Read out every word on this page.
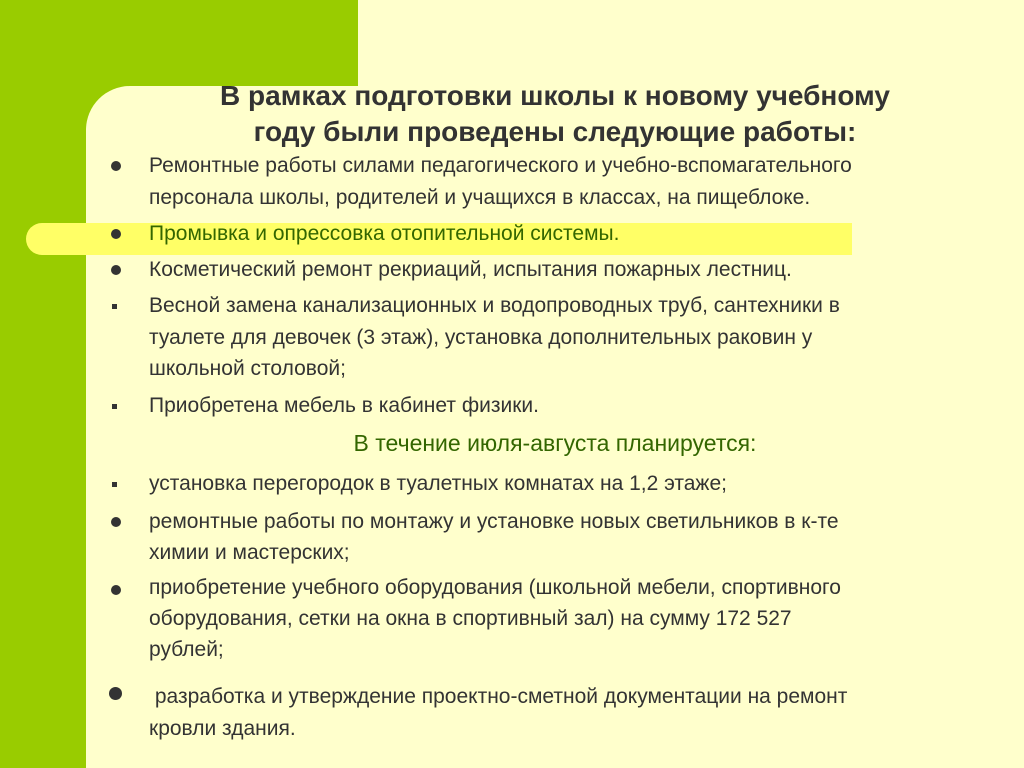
В рамках подготовки школы к новому учебному
году были проведены следующие работы:
Ремонтные работы силами педагогического и учебно-вспомагательного
персонала школы, родителей и учащихся в классах, на пищеблоке.
Промывка и опрессовка отопительной системы.
Косметический ремонт рекриаций, испытания пожарных лестниц.
Весной замена канализационных и водопроводных труб, сантехники в
туалете для девочек (3 этаж), установка дополнительных раковин у
школьной столовой;
Приобретена мебель в кабинет физики.
В течение июля-августа планируется:
установка перегородок в туалетных комнатах на 1,2 этаже;
ремонтные работы по монтажу и установке новых светильников в к-те
химии и мастерских;
приобретение учебного оборудования (школьной мебели, спортивного
оборудования, сетки на окна в спортивный зал) на сумму 172 527
рублей;
разработка и утверждение проектно-сметной документации на ремонт
кровли здания.
